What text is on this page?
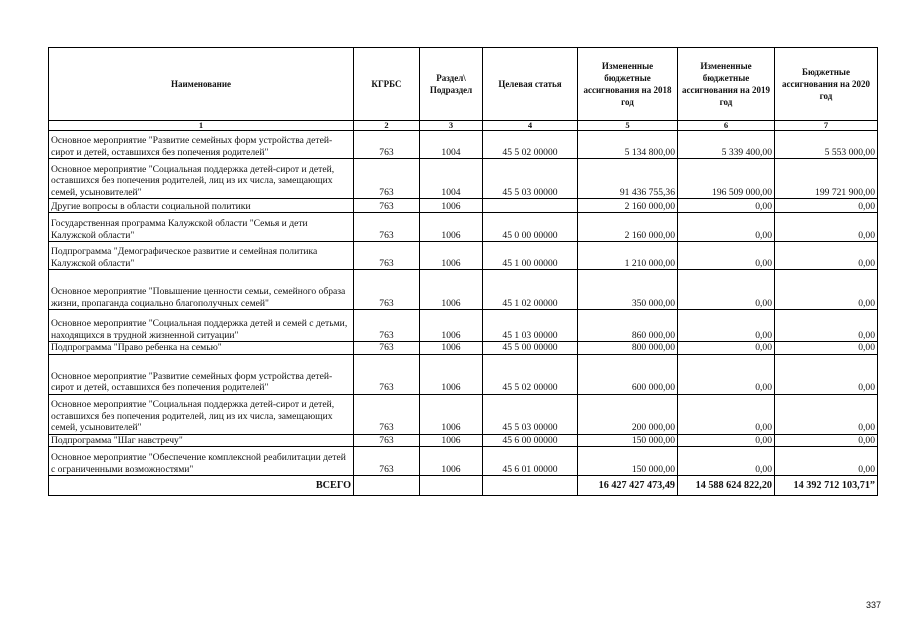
Наименование	КГРБС	Раздел\ Подраздел	Целевая статья	Измененные бюджетные ассигнования на 2018 год	Измененные бюджетные ассигнования на 2019 год	Бюджетные ассигнования на 2020 год
1	2	3	4	5	6	7
Основное мероприятие "Развитие семейных форм устройства детей-сирот и детей, оставшихся без попечения родителей"	763	1004	45 5 02 00000	5 134 800,00	5 339 400,00	5 553 000,00
Основное мероприятие "Социальная поддержка детей-сирот и детей, оставшихся без попечения родителей, лиц из их числа, замещающих семей, усыновителей"	763	1004	45 5 03 00000	91 436 755,36	196 509 000,00	199 721 900,00
Другие вопросы в области социальной политики	763	1006		2 160 000,00	0,00	0,00
Государственная программа Калужской области "Семья и дети Калужской области"	763	1006	45 0 00 00000	2 160 000,00	0,00	0,00
Подпрограмма "Демографическое развитие и семейная политика Калужской области"	763	1006	45 1 00 00000	1 210 000,00	0,00	0,00
Основное мероприятие "Повышение ценности семьи, семейного образа жизни, пропаганда социально благополучных семей"	763	1006	45 1 02 00000	350 000,00	0,00	0,00
Основное мероприятие "Социальная поддержка детей и семей с детьми, находящихся в трудной жизненной ситуации"	763	1006	45 1 03 00000	860 000,00	0,00	0,00
Подпрограмма "Право ребенка на семью"	763	1006	45 5 00 00000	800 000,00	0,00	0,00
Основное мероприятие "Развитие семейных форм устройства детей-сирот и детей, оставшихся без попечения родителей"	763	1006	45 5 02 00000	600 000,00	0,00	0,00
Основное мероприятие "Социальная поддержка детей-сирот и детей, оставшихся без попечения родителей, лиц из их числа, замещающих семей, усыновителей"	763	1006	45 5 03 00000	200 000,00	0,00	0,00
Подпрограмма "Шаг навстречу"	763	1006	45 6 00 00000	150 000,00	0,00	0,00
Основное мероприятие "Обеспечение комплексной реабилитации детей с ограниченными возможностями"	763	1006	45 6 01 00000	150 000,00	0,00	0,00
ВСЕГО				16 427 427 473,49	14 588 624 822,20	14 392 712 103,71”
337
